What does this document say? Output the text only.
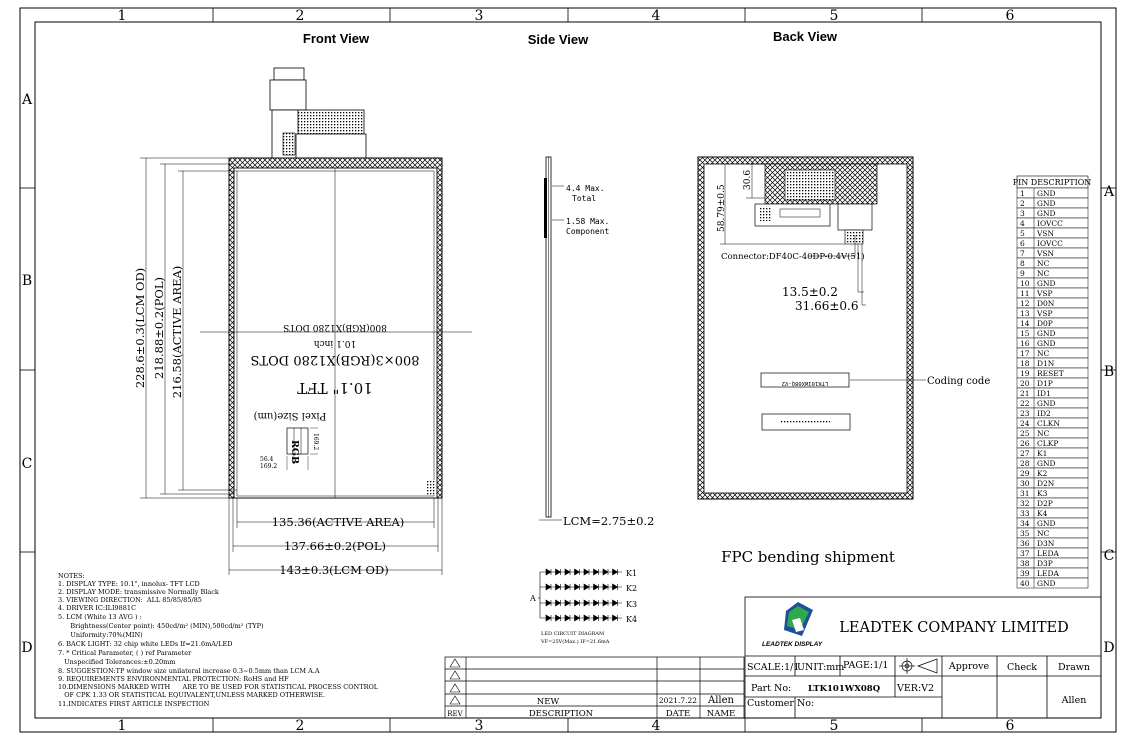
1	2	3	4	5	6
1	2	3	4	5	6
A
B
C
D
A
B
C
D
Front View	Side View	Back View
228.6±0.3(LCM OD) 218.88±0.2(POL) 216.58(ACTIVE AREA)
135.36(ACTIVE AREA)
137.66±0.2(POL)
143±0.3(LCM OD)
800(RGB)X1280 DOTS
10.1 inch
800×3(RGB)X1280 DOTS
10.1" TFT
Pixel Size(um)
RGB
56.4
169.2
169.2
4.4 Max.
Total
1.58 Max.
Component
LCM=2.75±0.2
30.6
58.79±0.5
Connector:DF40C-40DP-0.4V(51)
13.5±0.2
31.66±0.6
LTK101WX08Q-V2	Coding code
FPC bending shipment
PIN DESCRIPTION
1 GND
2 GND
3 GND
4 IOVCC
5 VSN
6 IOVCC
7 VSN
8 NC
9 NC
10 GND
11 VSP
12 D0N
13 VSP
14 D0P
15 GND
16 GND
17 NC
18 D1N
19 RESET
20 D1P
21 ID1
22 GND
23 ID2
24 CLKN
25 NC
26 CLKP
27 K1
28 GND
29 K2
30 D2N
31 K3
32 D2P
33 K4
34 GND
35 NC
36 D3N
37 LEDA
38 D3P
39 LEDA
40 GND
K1
K2
K3
K4
A
LED CIRCUIT DIAGRAM
VF=25V(Max.) IF=21.6mA
NOTES:
1. DISPLAY TYPE: 10.1", innolux- TFT LCD
2. DISPLAY MODE: transmissive Normally Black
3. VIEWING DIRECTION:  ALL 85/85/85/85
4. DRIVER IC:ILI9881C
5. LCM (White 13 AVG ) :
Brightness(Center point): 450cd/m² (MIN),500cd/m² (TYP)
Uniformity:70%(MIN)
6. BACK LIGHT: 32 chip white LEDs If=21.6mA/LED
7. * Critical Parameter, ( ) ref Parameter
Unspecified Tolerances:±0.20mm
8. SUGGESTION:TP window size unilateral increase 0.3~0.5mm than LCM A.A
9. REQUIREMENTS ENVIRONMENTAL PROTECTION: RoHS and HF
10.DIMENSIONS MARKED WITH      ARE TO BE USED FOR STATISTICAL PROCESS CONTROL
OF CPK 1.33 OR STATISTICAL EQUIVALENT,UNLESS MARKED OTHERWISE.
11.INDICATES FIRST ARTICLE INSPECTION
REV	DESCRIPTION	DATE NAME
NEW	2021.7.22 Allen
LEADTEK DISPLAY
LEADTEK COMPANY LIMITED
SCALE:1/1
UNIT:mm
PAGE:1/1	Approve Check Drawn
Part No: LTK101WX08Q VER:V2
Allen
Customer No:
